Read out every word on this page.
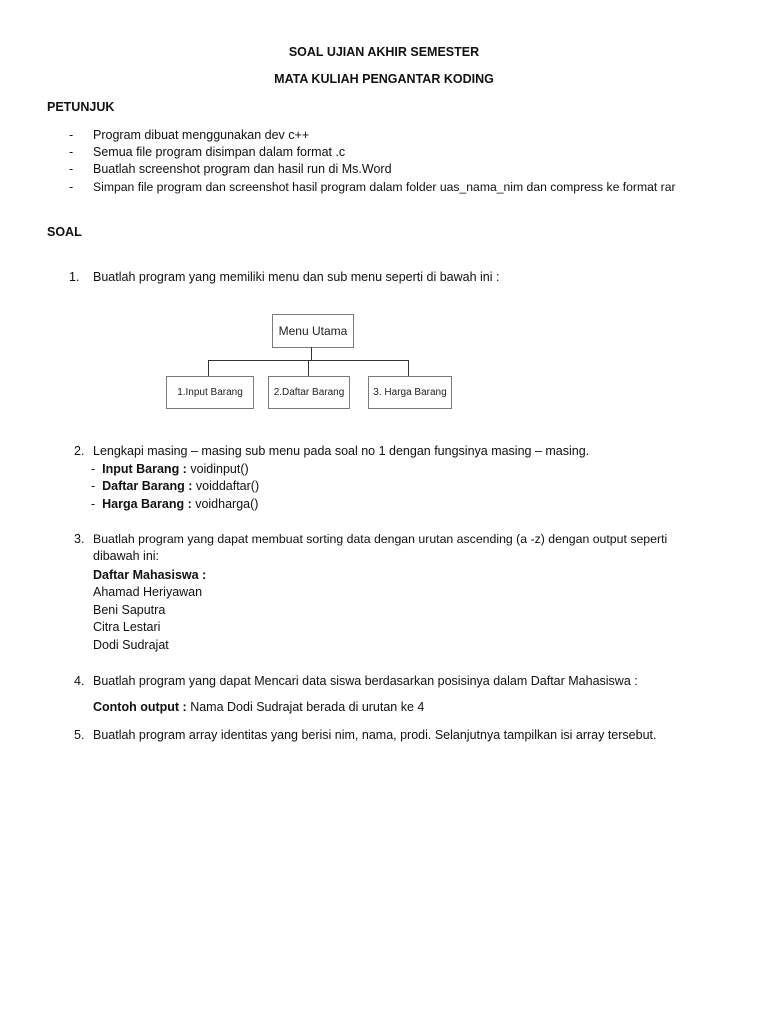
SOAL UJIAN AKHIR SEMESTER
MATA KULIAH PENGANTAR KODING
PETUNJUK
- Program dibuat menggunakan dev c++
- Semua file program disimpan dalam format .c
- Buatlah screenshot program dan hasil run di Ms.Word
- Simpan file program dan screenshot hasil program dalam folder uas_nama_nim dan compress ke format rar
SOAL
1. Buatlah program yang memiliki menu dan sub menu seperti di bawah ini :
Menu Utama
1.Input Barang	2.Daftar Barang	3. Harga Barang
2. Lengkapi masing – masing sub menu pada soal no 1 dengan fungsinya masing – masing.
- Input Barang : voidinput()
- Daftar Barang : voiddaftar()
- Harga Barang : voidharga()
3. Buatlah program yang dapat membuat sorting data dengan urutan ascending (a -z) dengan output seperti
dibawah ini:
Daftar Mahasiswa :
Ahamad Heriyawan
Beni Saputra
Citra Lestari
Dodi Sudrajat
4. Buatlah program yang dapat Mencari data siswa berdasarkan posisinya dalam Daftar Mahasiswa :
Contoh output : Nama Dodi Sudrajat berada di urutan ke 4
5. Buatlah program array identitas yang berisi nim, nama, prodi. Selanjutnya tampilkan isi array tersebut.
